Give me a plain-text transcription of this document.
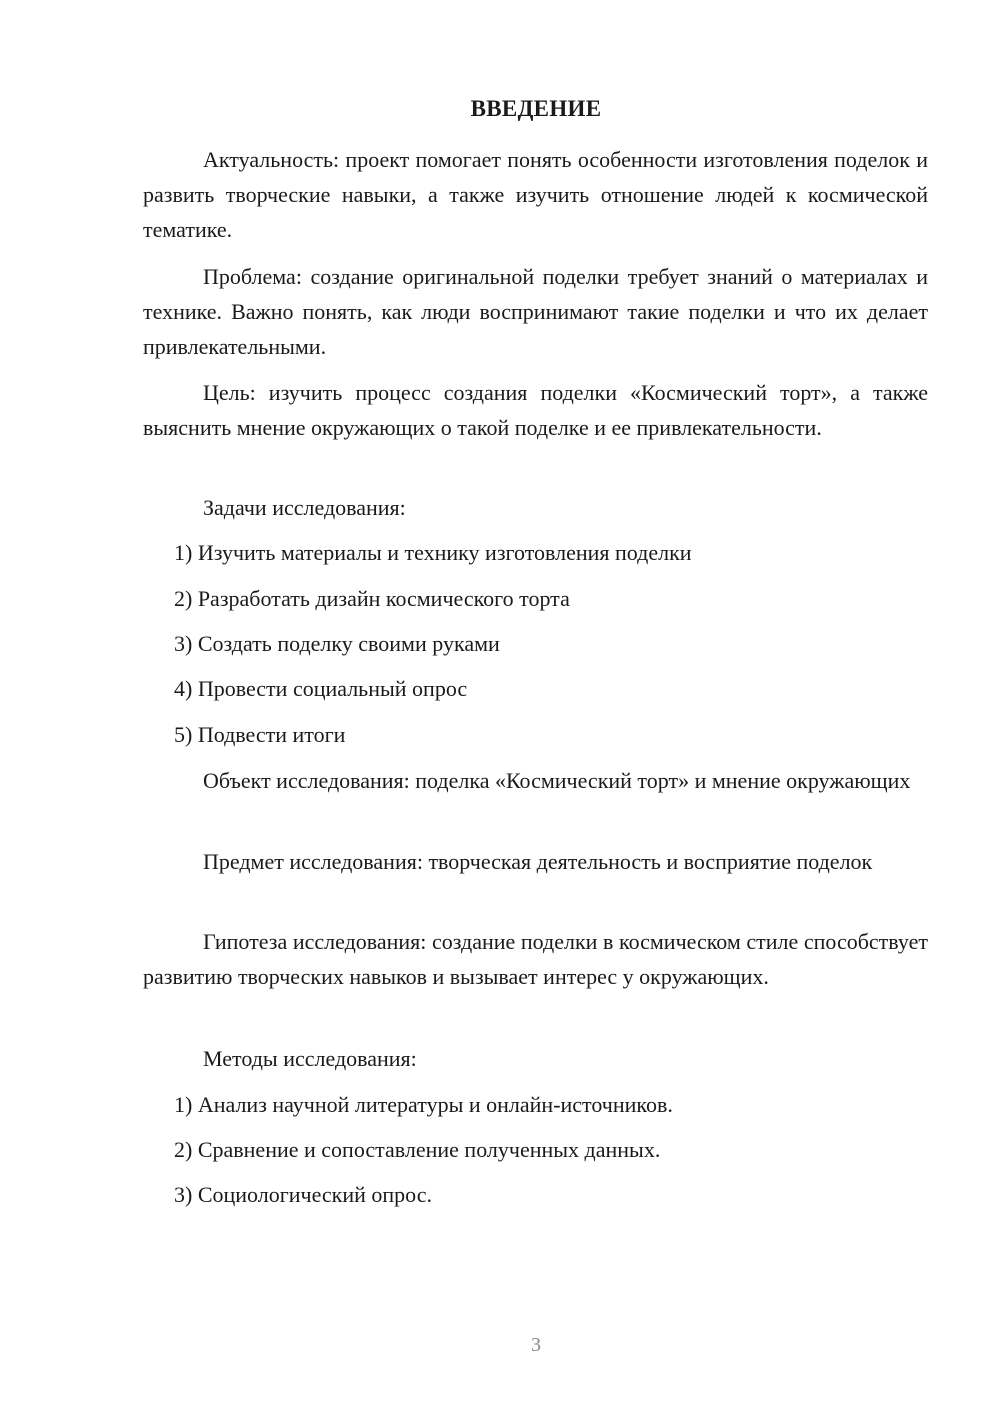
ВВЕДЕНИЕ

Актуальность: проект помогает понять особенности изготовления поделок и развить творческие навыки, а также изучить отношение людей к космической тематике.

Проблема: создание оригинальной поделки требует знаний о материалах и технике. Важно понять, как люди воспринимают такие поделки и что их делает привлекательными.

Цель: изучить процесс создания поделки «Космический торт», а также выяснить мнение окружающих о такой поделке и ее привлекательности.

Задачи исследования:

1) Изучить материалы и технику изготовления поделки

2) Разработать дизайн космического торта

3) Создать поделку своими руками

4) Провести социальный опрос

5) Подвести итоги

Объект исследования: поделка «Космический торт» и мнение окружающих

Предмет исследования: творческая деятельность и восприятие поделок

Гипотеза исследования: создание поделки в космическом стиле способствует развитию творческих навыков и вызывает интерес у окружающих.

Методы исследования:

1) Анализ научной литературы и онлайн-источников.

2) Сравнение и сопоставление полученных данных.

3) Социологический опрос.

3
